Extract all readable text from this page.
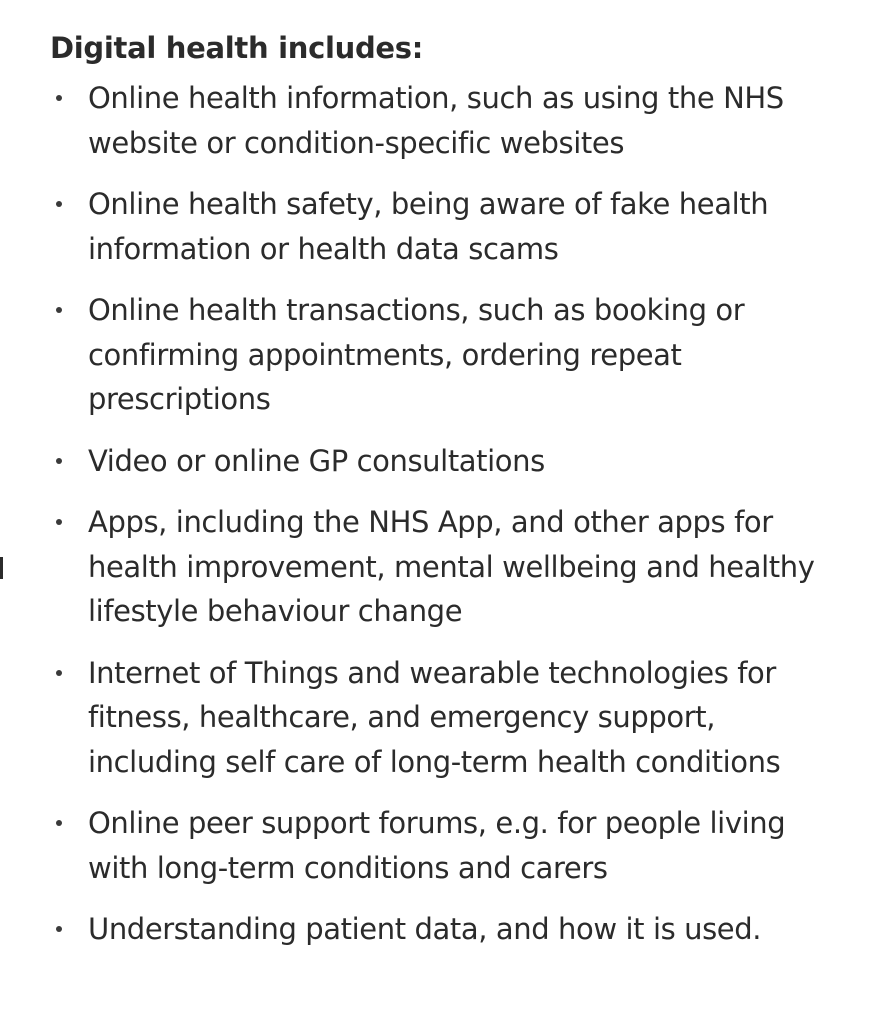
Digital health includes:
Online health information, such as using the NHS website or condition-specific websites
Online health safety, being aware of fake health information or health data scams
Online health transactions, such as booking or confirming appointments, ordering repeat prescriptions
Video or online GP consultations
Apps, including the NHS App, and other apps for health improvement, mental wellbeing and healthy lifestyle behaviour change
Internet of Things and wearable technologies for fitness, healthcare, and emergency support, including self care of long-term health conditions
Online peer support forums, e.g. for people living with long-term conditions and carers
Understanding patient data, and how it is used.
